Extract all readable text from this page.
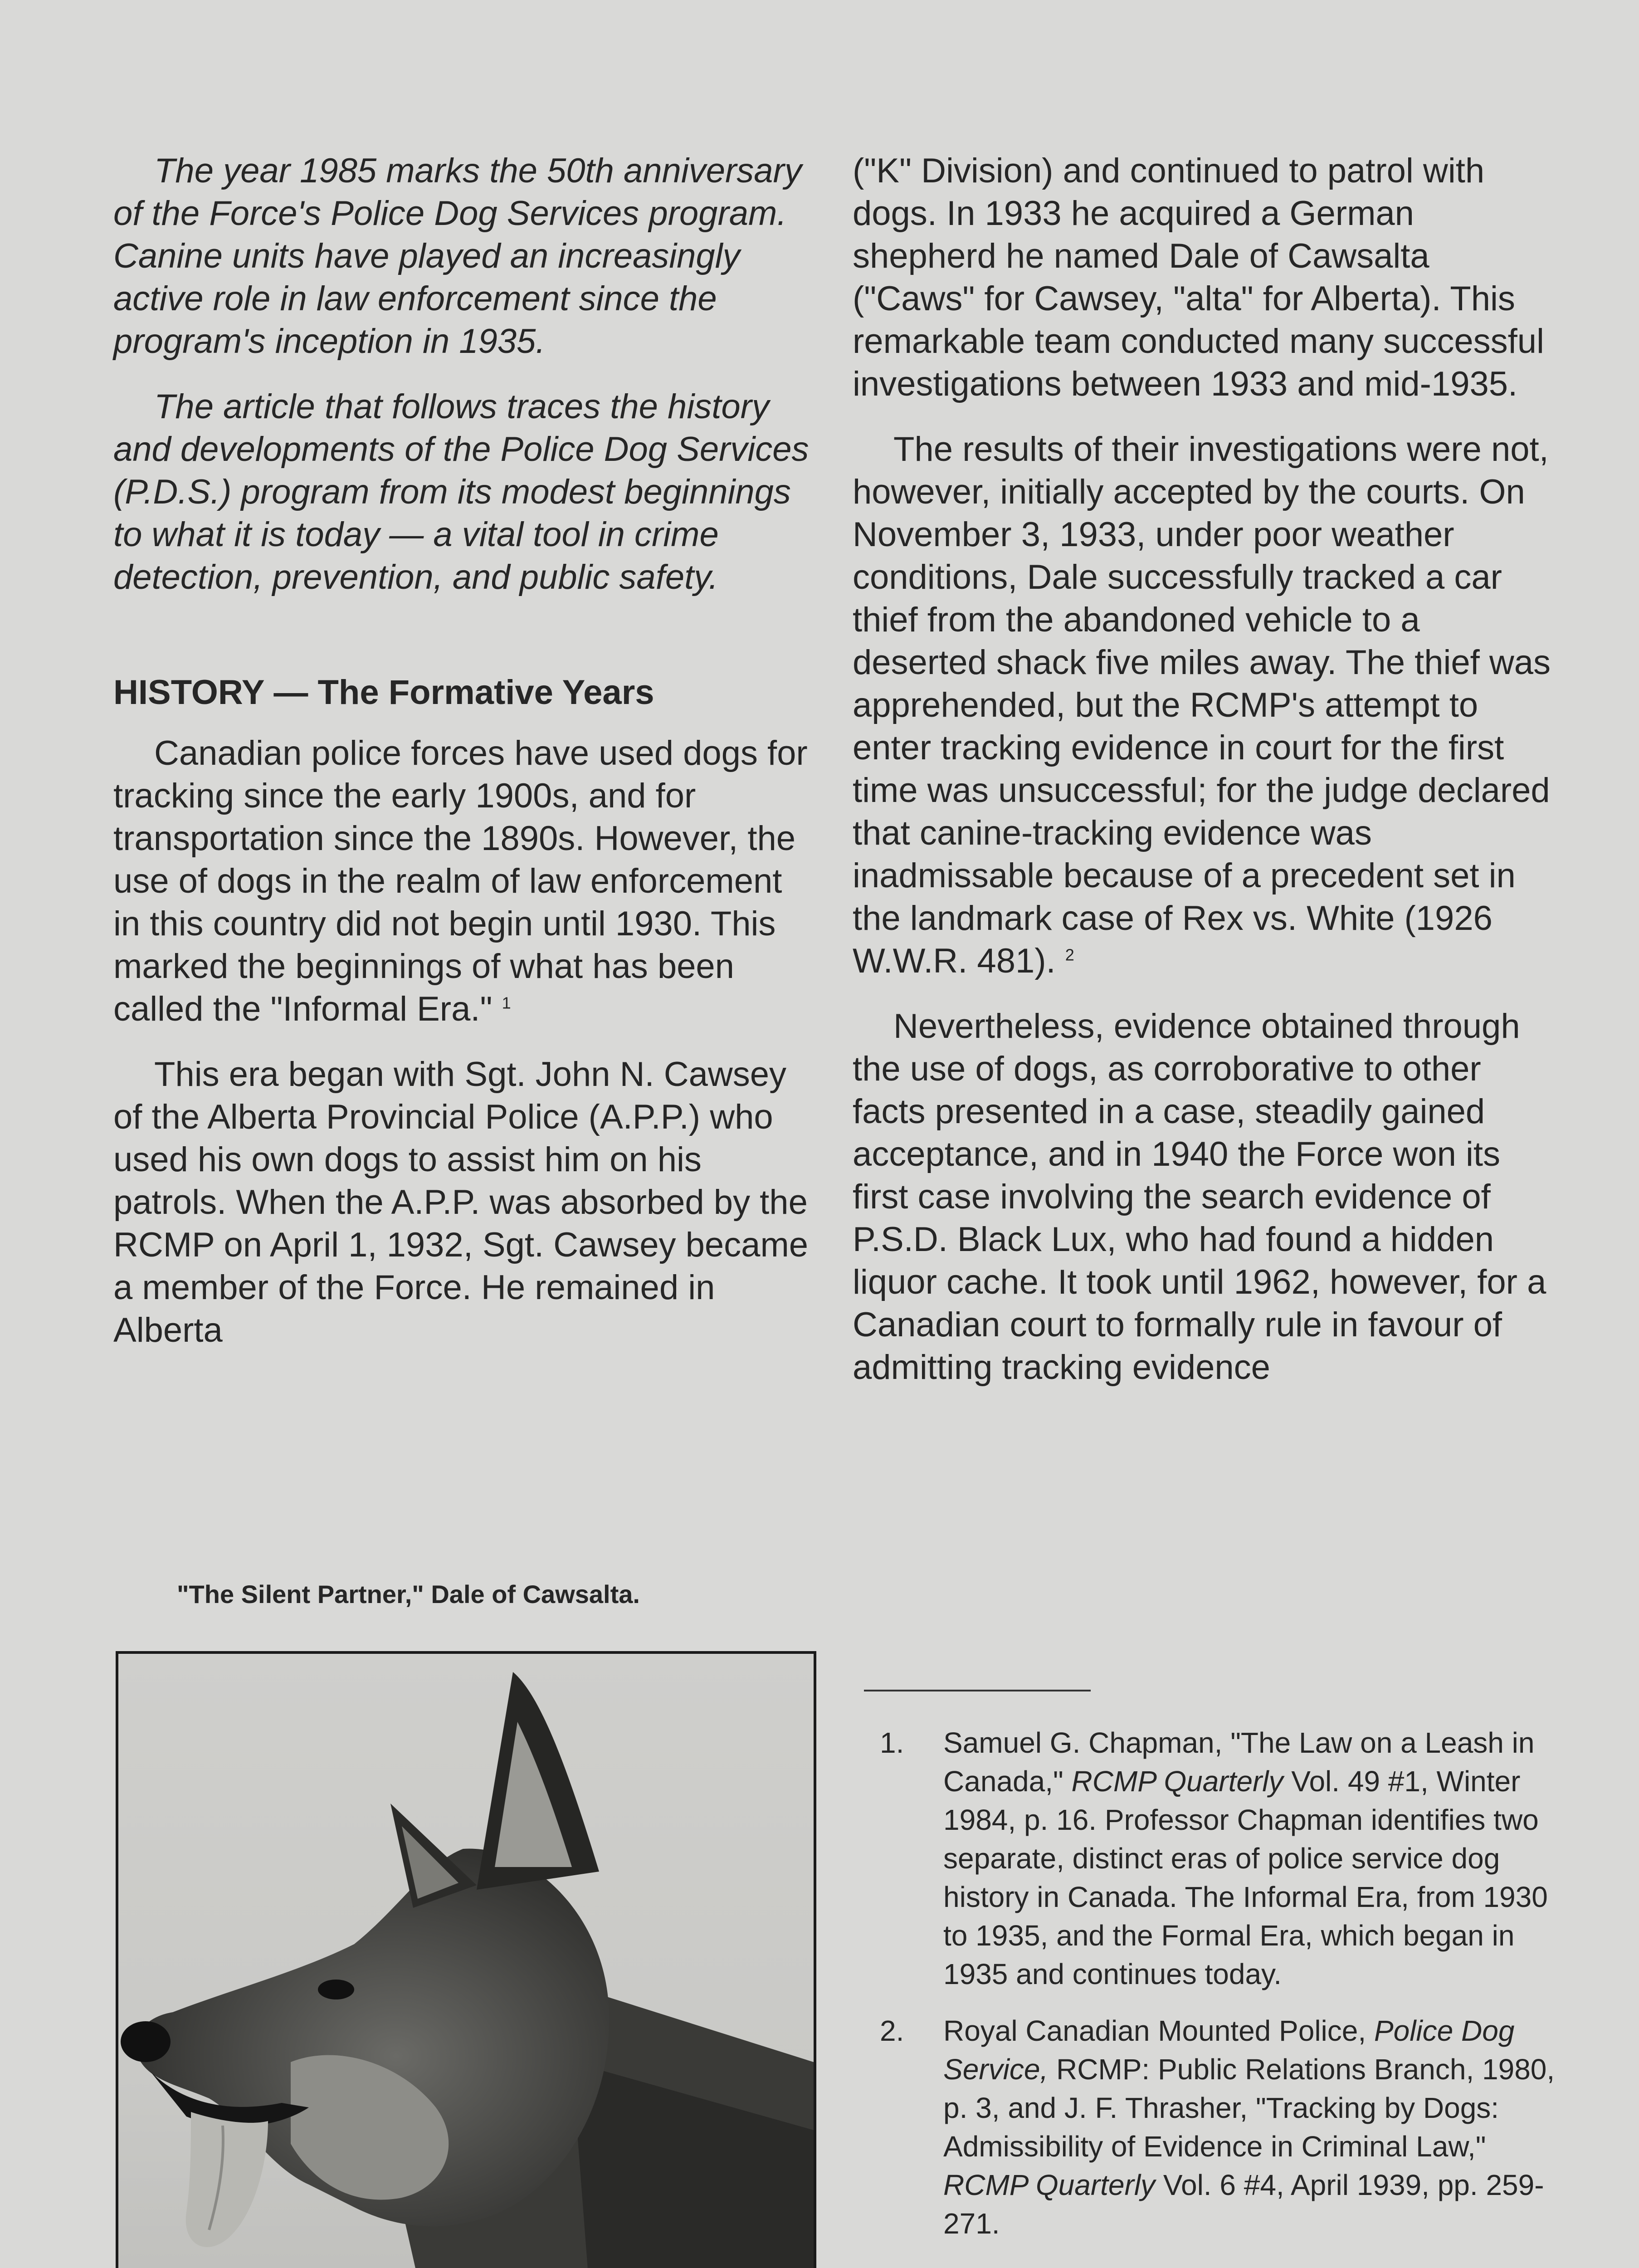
The year 1985 marks the 50th anniversary of the Force's Police Dog Services program. Canine units have played an increasingly active role in law enforcement since the program's inception in 1935.

The article that follows traces the history and developments of the Police Dog Services (P.D.S.) program from its modest beginnings to what it is today — a vital tool in crime detection, prevention, and public safety.

HISTORY — The Formative Years

Canadian police forces have used dogs for tracking since the early 1900s, and for transportation since the 1890s. However, the use of dogs in the realm of law enforcement in this country did not begin until 1930. This marked the beginnings of what has been called the "Informal Era." $^1$

This era began with Sgt. John N. Cawsey of the Alberta Provincial Police (A.P.P.) who used his own dogs to assist him on his patrols. When the A.P.P. was absorbed by the RCMP on April 1, 1932, Sgt. Cawsey became a member of the Force. He remained in Alberta

("K" Division) and continued to patrol with dogs. In 1933 he acquired a German shepherd he named Dale of Cawsalta ("Caws" for Cawsey, "alta" for Alberta). This remarkable team conducted many successful investigations between 1933 and mid-1935.

The results of their investigations were not, however, initially accepted by the courts. On November 3, 1933, under poor weather conditions, Dale successfully tracked a car thief from the abandoned vehicle to a deserted shack five miles away. The thief was apprehended, but the RCMP's attempt to enter tracking evidence in court for the first time was unsuccessful; for the judge declared that canine-tracking evidence was inadmissable because of a precedent set in the landmark case of Rex vs. White (1926 W.W.R. 481). $^2$

Nevertheless, evidence obtained through the use of dogs, as corroborative to other facts presented in a case, steadily gained acceptance, and in 1940 the Force won its first case involving the search evidence of P.S.D. Black Lux, who had found a hidden liquor cache. It took until 1962, however, for a Canadian court to formally rule in favour of admitting tracking evidence

"The Silent Partner," Dale of Cawsalta.
1. Samuel G. Chapman, "The Law on a Leash in Canada," RCMP Quarterly Vol. 49 #1, Winter 1984, p. 16. Professor Chapman identifies two separate, distinct eras of police service dog history in Canada. The Informal Era, from 1930 to 1935, and the Formal Era, which began in 1935 and continues today.
2. Royal Canadian Mounted Police, Police Dog Service, RCMP: Public Relations Branch, 1980, p. 3, and J. F. Thrasher, "Tracking by Dogs: Admissibility of Evidence in Criminal Law," RCMP Quarterly Vol. 6 #4, April 1939, pp. 259-271.
